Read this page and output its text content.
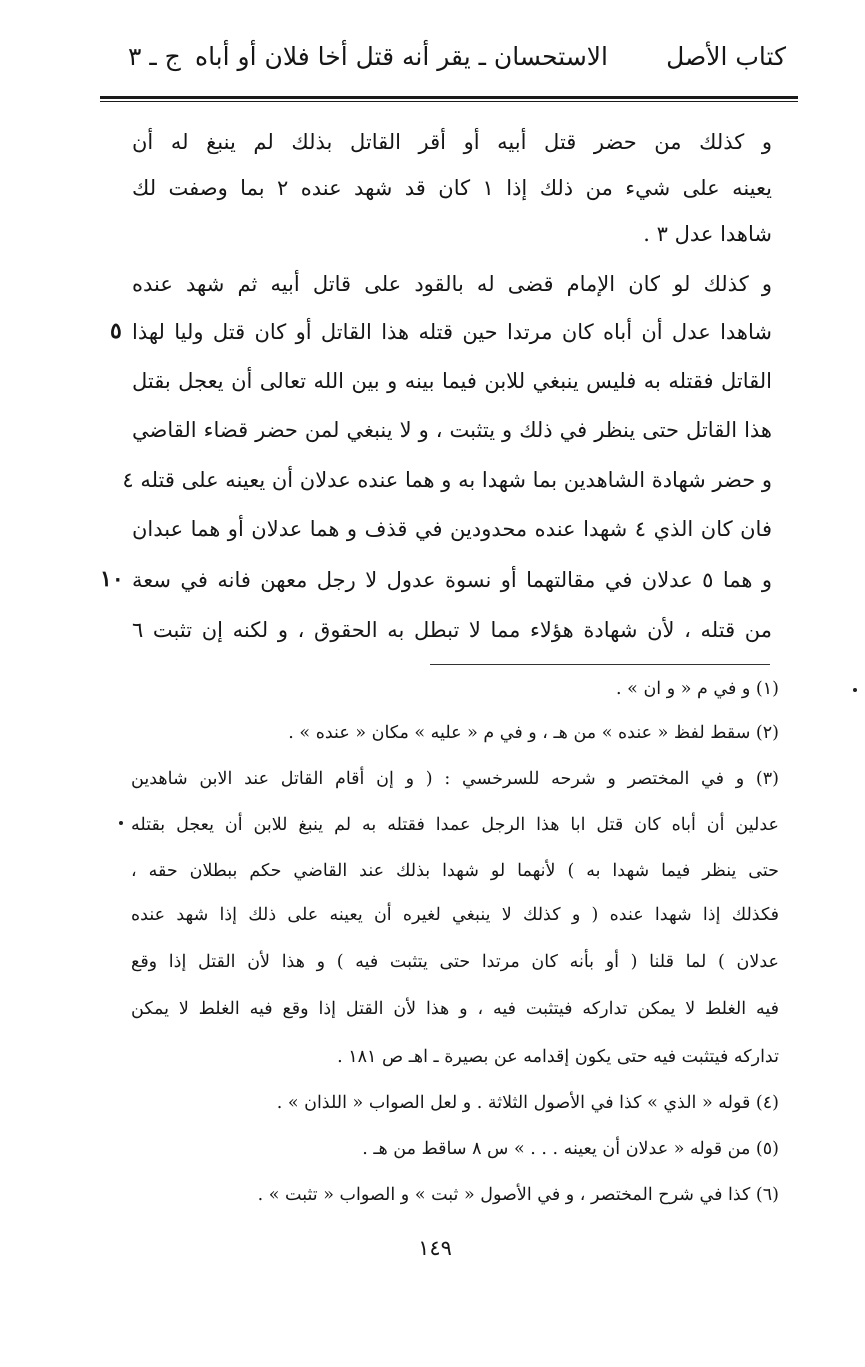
كتاب الأصل
الاستحسان ـ يقر أنه قتل أخا فلان أو أباه
ج ـ ٣
و كذلك من حضر قتل أبيه أو أقر القاتل بذلك لم ينبغ له أن
يعينه على شيء من ذلك إذا ١ كان قد شهد عنده ٢ بما وصفت لك
شاهدا عدل ٣ .
و كذلك لو كان الإمام قضى له بالقود على قاتل أبيه ثم شهد عنده
شاهدا عدل أن أباه كان مرتدا حين قتله هذا القاتل أو كان قتل وليا لهذا
القاتل فقتله به فليس ينبغي للابن فيما بينه و بين الله تعالى أن يعجل بقتل
هذا القاتل حتى ينظر في ذلك و يتثبت ، و لا ينبغي لمن حضر قضاء القاضي
و حضر شهادة الشاهدين بما شهدا به و هما عنده عدلان أن يعينه على قتله ٤
فان كان الذي ٤ شهدا عنده محدودين في قذف و هما عدلان أو هما عبدان
و هما ٥ عدلان في مقالتهما أو نسوة عدول لا رجل معهن فانه في سعة
من قتله ، لأن شهادة هؤلاء مما لا تبطل به الحقوق ، و لكنه إن تثبت ٦
٥
١٠
(١) و في م « و ان » .
(٢) سقط لفظ « عنده » من هـ ، و في م « عليه » مكان « عنده » .
(٣) و في المختصر و شرحه للسرخسي : ( و إن أقام القاتل عند الابن شاهدين
عدلين أن أباه كان قتل ابا هذا الرجل عمدا فقتله به لم ينبغ للابن أن يعجل بقتله
حتى ينظر فيما شهدا به ) لأنهما لو شهدا بذلك عند القاضي حكم ببطلان حقه ،
فكذلك إذا شهدا عنده ( و كذلك لا ينبغي لغيره أن يعينه على ذلك إذا شهد عنده
عدلان ) لما قلنا ( أو بأنه كان مرتدا حتى يتثبت فيه ) و هذا لأن القتل إذا وقع
فيه الغلط لا يمكن تداركه فيتثبت فيه ، و هذا لأن القتل إذا وقع فيه الغلط لا يمكن
تداركه فيتثبت فيه حتى يكون إقدامه عن بصيرة ـ اهـ ص ١٨١ .
(٤) قوله « الذي » كذا في الأصول الثلاثة . و لعل الصواب « اللذان » .
(٥) من قوله « عدلان أن يعينه . . . » س ٨ ساقط من هـ .
(٦) كذا في شرح المختصر ، و في الأصول « ثبت » و الصواب « تثبت » .
١٤٩
